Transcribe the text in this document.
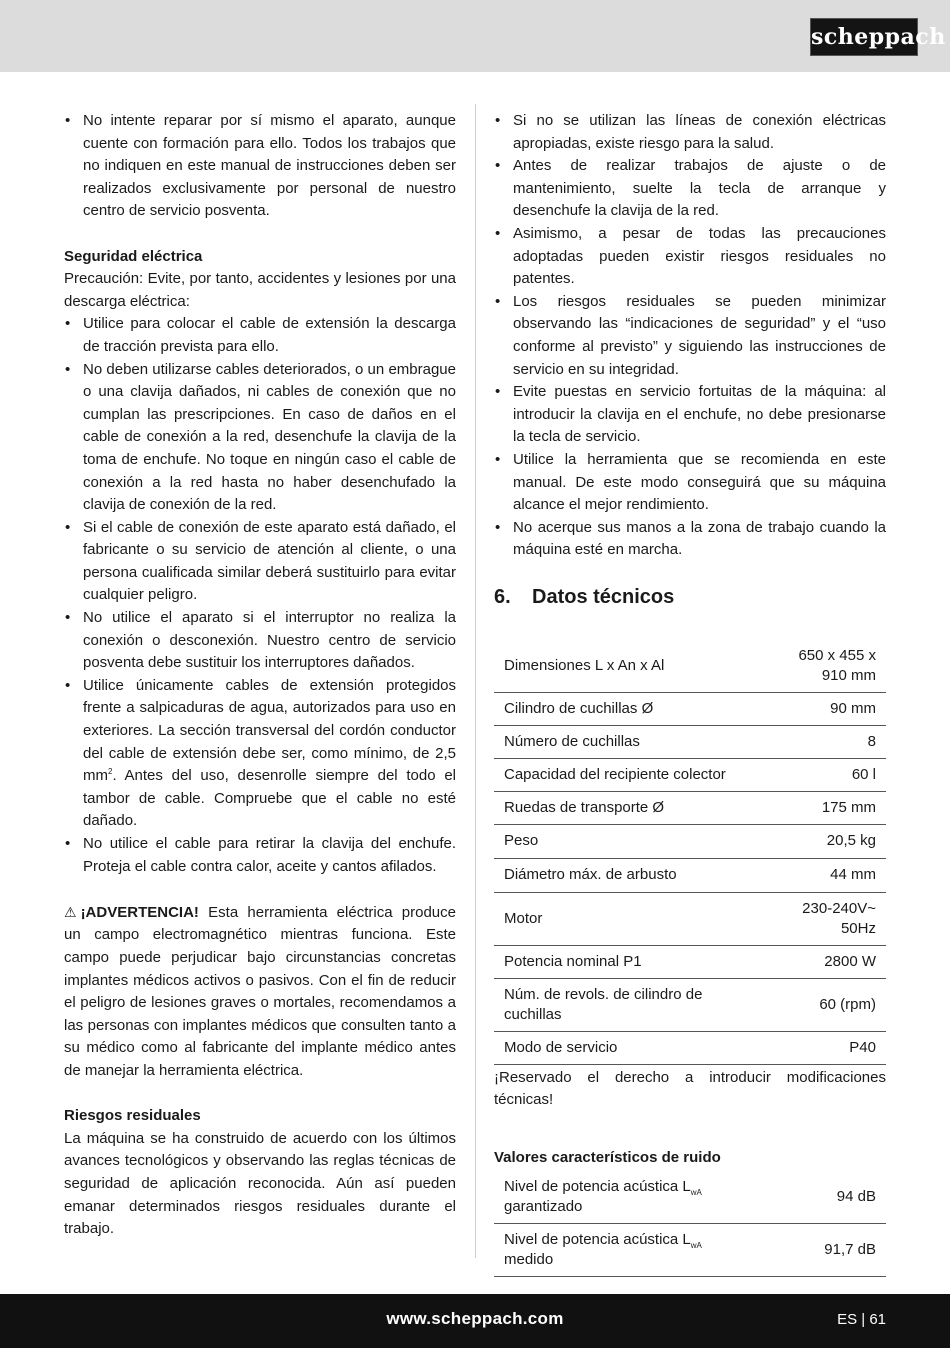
scheppach
• No intente reparar por sí mismo el aparato, aunque cuente con formación para ello. Todos los trabajos que no indiquen en este manual de instrucciones deben ser realizados exclusivamente por personal de nuestro centro de servicio posventa.

Seguridad eléctrica

Precaución: Evite, por tanto, accidentes y lesiones por una descarga eléctrica:

• Utilice para colocar el cable de extensión la descarga de tracción prevista para ello.
• No deben utilizarse cables deteriorados, o un embrague o una clavija dañados, ni cables de conexión que no cumplan las prescripciones. En caso de daños en el cable de conexión a la red, desenchufe la clavija de la toma de enchufe. No toque en ningún caso el cable de conexión a la red hasta no haber desenchufado la clavija de conexión de la red.
• Si el cable de conexión de este aparato está dañado, el fabricante o su servicio de atención al cliente, o una persona cualificada similar deberá sustituirlo para evitar cualquier peligro.
• No utilice el aparato si el interruptor no realiza la conexión o desconexión. Nuestro centro de servicio posventa debe sustituir los interruptores dañados.
• Utilice únicamente cables de extensión protegidos frente a salpicaduras de agua, autorizados para uso en exteriores. La sección transversal del cordón conductor del cable de extensión debe ser, como mínimo, de 2,5 $mm^2$. Antes del uso, desenrolle siempre del todo el tambor de cable. Compruebe que el cable no esté dañado.
• No utilice el cable para retirar la clavija del enchufe. Proteja el cable contra calor, aceite y cantos afilados.

⚠ ¡ADVERTENCIA! Esta herramienta eléctrica produce un campo electromagnético mientras funciona. Este campo puede perjudicar bajo circunstancias concretas implantes médicos activos o pasivos. Con el fin de reducir el peligro de lesiones graves o mortales, recomendamos a las personas con implantes médicos que consulten tanto a su médico como al fabricante del implante médico antes de manejar la herramienta eléctrica.

Riesgos residuales

La máquina se ha construido de acuerdo con los últimos avances tecnológicos y observando las reglas técnicas de seguridad de aplicación reconocida. Aún así pueden emanar determinados riesgos residuales durante el trabajo.

• Si no se utilizan las líneas de conexión eléctricas apropiadas, existe riesgo para la salud.
• Antes de realizar trabajos de ajuste o de mantenimiento, suelte la tecla de arranque y desenchufe la clavija de la red.
• Asimismo, a pesar de todas las precauciones adoptadas pueden existir riesgos residuales no patentes.
• Los riesgos residuales se pueden minimizar observando las “indicaciones de seguridad” y el “uso conforme al previsto” y siguiendo las instrucciones de servicio en su integridad.
• Evite puestas en servicio fortuitas de la máquina: al introducir la clavija en el enchufe, no debe presionarse la tecla de servicio.
• Utilice la herramienta que se recomienda en este manual. De este modo conseguirá que su máquina alcance el mejor rendimiento.
• No acerque sus manos a la zona de trabajo cuando la máquina esté en marcha.
6. Datos técnicos
Dimensiones L x An x Al	650 x 455 x
910 mm
Cilindro de cuchillas Ø	90 mm
Número de cuchillas	8
Capacidad del recipiente colector	60 l
Ruedas de transporte Ø	175 mm
Peso	20,5 kg
Diámetro máx. de arbusto	44 mm
Motor	230-240V~
50Hz
Potencia nominal P1	2800 W
Núm. de revols. de cilindro de cuchillas	60 (rpm)
Modo de servicio	P40

¡Reservado el derecho a introducir modificaciones técnicas!

Valores característicos de ruido

Nivel de potencia acústica $L_{wA}$
garantizado	94 dB
Nivel de potencia acústica $L_{wA}$
medido	91,7 dB
www.scheppach.com	ES | 61
